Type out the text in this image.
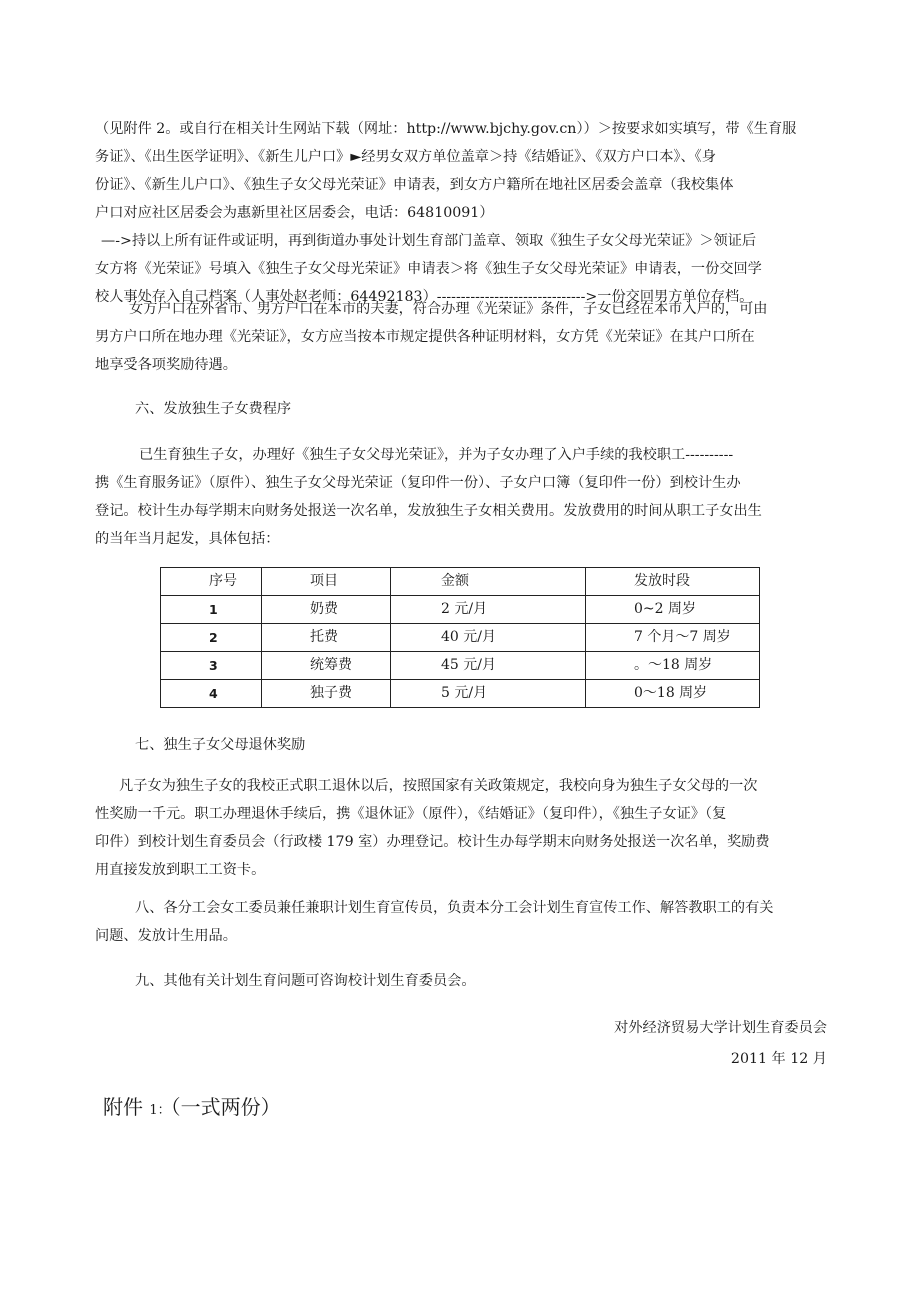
（见附件 2。或自行在相关计生网站下载（网址：http://www.bjchy.gov.cn））＞按要求如实填写，带《生育服
务证》、《出生医学证明》、《新生儿户口》►经男女双方单位盖章＞持《结婚证》、《双方户口本》、《身
份证》、《新生儿户口》、《独生子女父母光荣证》申请表，到女方户籍所在地社区居委会盖章（我校集体
户口对应社区居委会为惠新里社区居委会，电话：64810091）
—->持以上所有证件或证明，再到街道办事处计划生育部门盖章、领取《独生子女父母光荣证》＞领证后
女方将《光荣证》号填入《独生子女父母光荣证》申请表＞将《独生子女父母光荣证》申请表，一份交回学
校人事处存入自己档案（人事处赵老师：64492183）------------------------------->一份交回男方单位存档。
女方户口在外省市、男方户口在本市的夫妻，符合办理《光荣证》条件，子女已经在本市入户的，可由
男方户口所在地办理《光荣证》，女方应当按本市规定提供各种证明材料，女方凭《光荣证》在其户口所在
地享受各项奖励待遇。
六、发放独生子女费程序
已生育独生子女，办理好《独生子女父母光荣证》，并为子女办理了入户手续的我校职工----------
携《生育服务证》（原件）、独生子女父母光荣证（复印件一份）、子女户口簿（复印件一份）到校计生办
登记。校计生办每学期末向财务处报送一次名单，发放独生子女相关费用。发放费用的时间从职工子女出生
的当年当月起发，具体包括：
序号	项目	金额	发放时段
1	奶费	2 元/月	0~2 周岁
2	托费	40 元/月	7 个月～7 周岁
3	统筹费	45 元/月	。～18 周岁
4	独子费	5 元/月	0～18 周岁
七、独生子女父母退休奖励
凡子女为独生子女的我校正式职工退休以后，按照国家有关政策规定，我校向身为独生子女父母的一次
性奖励一千元。职工办理退休手续后，携《退休证》（原件），《结婚证》（复印件），《独生子女证》（复
印件）到校计划生育委员会（行政楼 179 室）办理登记。校计生办每学期末向财务处报送一次名单，奖励费
用直接发放到职工工资卡。
八、各分工会女工委员兼任兼职计划生育宣传员，负责本分工会计划生育宣传工作、解答教职工的有关
问题、发放计生用品。
九、其他有关计划生育问题可咨询校计划生育委员会。
对外经济贸易大学计划生育委员会
2011 年 12 月
附件 1：（一式两份）
